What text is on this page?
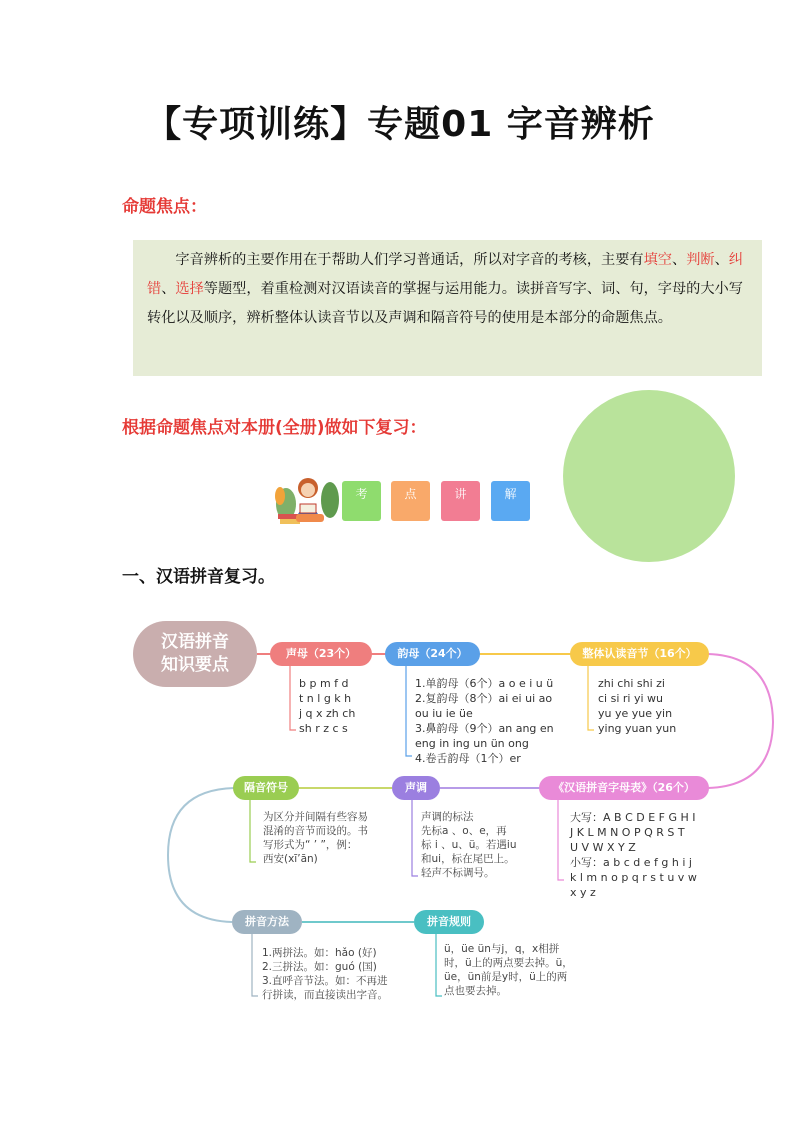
【专项训练】专题01 字音辨析
命题焦点：
字音辨析的主要作用在于帮助人们学习普通话，所以对字音的考核，主要有填空、判断、纠错、选择等题型，着重检测对汉语读音的掌握与运用能力。读拼音写字、词、句，字母的大小写转化以及顺序，辨析整体认读音节以及声调和隔音符号的使用是本部分的命题焦点。
根据命题焦点对本册(全册)做如下复习：
考	点	讲	解
一、汉语拼音复习。
汉语拼音
知识要点
声母（23个）	韵母（24个）	整体认读音节（16个）
《汉语拼音字母表》（26个）
声调
隔音符号
拼音方法	拼音规则
b p m f d
t n l g k h
j q x zh ch
sh r z c s
1.单韵母（6个）a o e i u ü
2.复韵母（8个）ai ei ui ao
ou iu ie üe
3.鼻韵母（9个）an ang en
eng in ing un ün ong
4.卷舌韵母（1个）er
zhi chi shi zi
ci si ri yi wu
yu ye yue yin
ying yuan yun
大写：A B C D E F G H I
J K L M N O P Q R S T
U V W X Y Z
小写：a b c d e f g h i j
k l m n o p q r s t u v w
x y z
声调的标法
先标a 、o、e，再
标 i 、u、ü。若遇iu
和ui，标在尾巴上。
轻声不标调号。
为区分并间隔有些容易
混淆的音节而设的。书
写形式为“ ’ ”，例：
西安(xī’ān)
1.两拼法。如：hǎo (好)
2.三拼法。如：guó (国)
3.直呼音节法。如：不再进
行拼读，而直接读出字音。
ü，üe ün与j，q，x相拼
时，ü上的两点要去掉。ü，
üe，ün前是y时，ü上的两
点也要去掉。
